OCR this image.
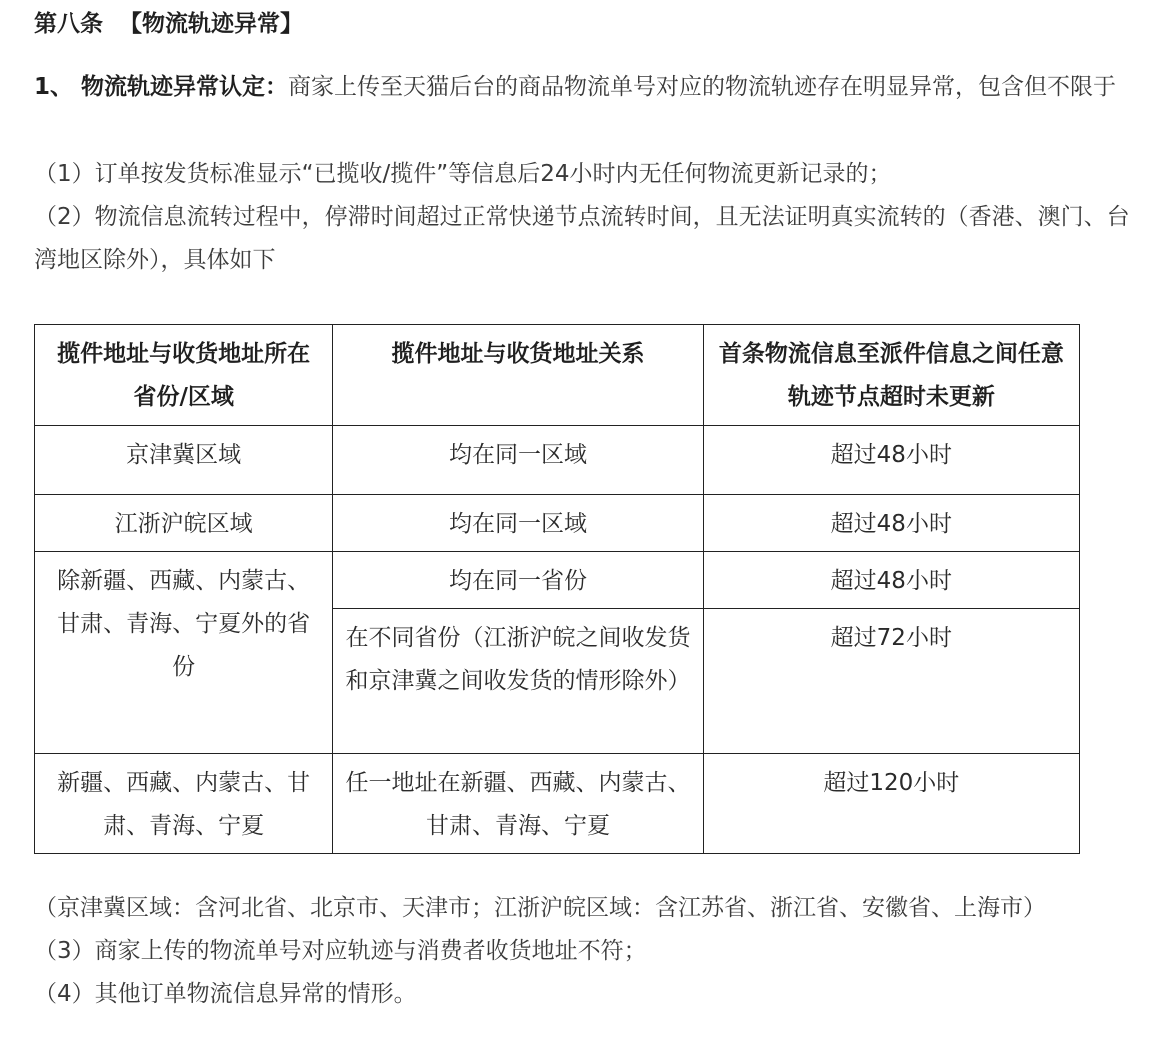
第八条  【物流轨迹异常】
1、 物流轨迹异常认定：商家上传至天猫后台的商品物流单号对应的物流轨迹存在明显异常，包含但不限于
（1）订单按发货标准显示“已揽收/揽件”等信息后24小时内无任何物流更新记录的；
（2）物流信息流转过程中，停滞时间超过正常快递节点流转时间，且无法证明真实流转的（香港、澳门、台湾地区除外），具体如下
揽件地址与收货地址所在省份/区域	揽件地址与收货地址关系	首条物流信息至派件信息之间任意轨迹节点超时未更新
京津冀区域	均在同一区域	超过48小时
江浙沪皖区域	均在同一区域	超过48小时
除新疆、西藏、内蒙古、甘肃、青海、宁夏外的省份	均在同一省份	超过48小时
	在不同省份（江浙沪皖之间收发货和京津冀之间收发货的情形除外）	超过72小时
新疆、西藏、内蒙古、甘肃、青海、宁夏	任一地址在新疆、西藏、内蒙古、甘肃、青海、宁夏	超过120小时
（京津冀区域：含河北省、北京市、天津市；江浙沪皖区域：含江苏省、浙江省、安徽省、上海市）
（3）商家上传的物流单号对应轨迹与消费者收货地址不符；
（4）其他订单物流信息异常的情形。
